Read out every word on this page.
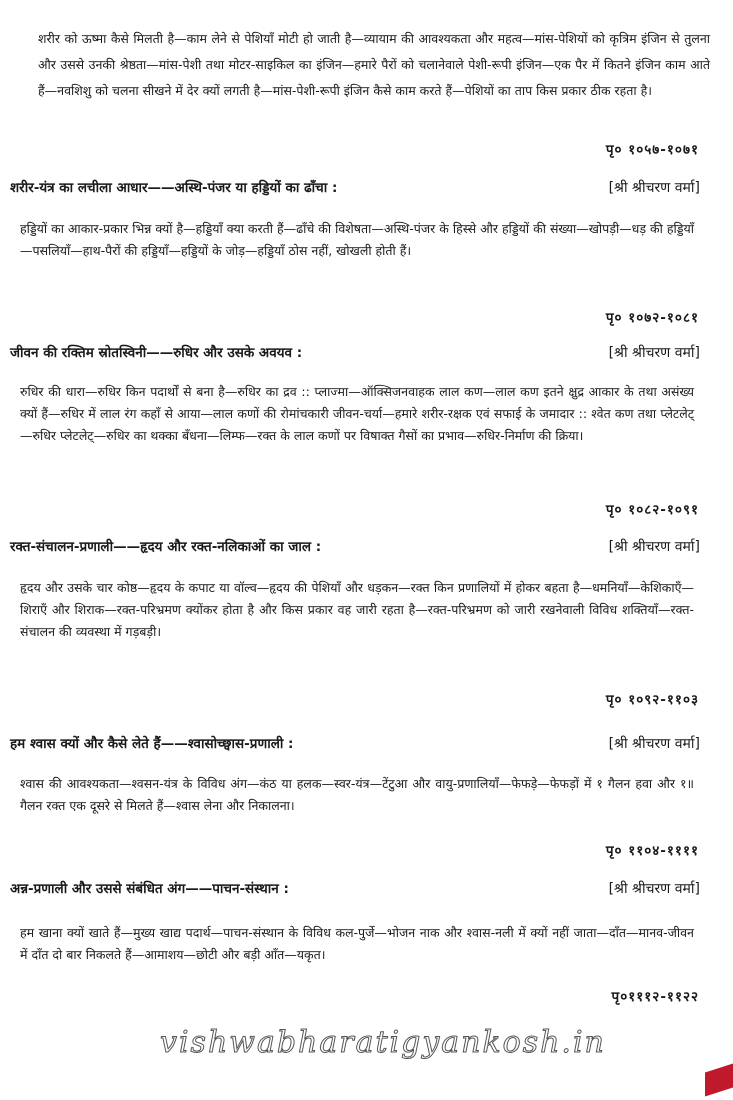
शरीर को ऊष्मा कैसे मिलती है—काम लेने से पेशियाँ मोटी हो जाती है—व्यायाम की आवश्यकता और महत्व—मांस-पेशियों को कृत्रिम इंजिन से तुलना और उससे उनकी श्रेष्ठता—मांस-पेशी तथा मोटर-साइकिल का इंजिन—हमारे पैरों को चलानेवाले पेशी-रूपी इंजिन—एक पैर में कितने इंजिन काम आते हैं—नवशिशु को चलना सीखने में देर क्यों लगती है—मांस-पेशी-रूपी इंजिन कैसे काम करते हैं—पेशियों का ताप किस प्रकार ठीक रहता है।
पृ० १०५७-१०७१
शरीर-यंत्र का लचीला आधार——अस्थि-पंजर या हड्डियों का ढाँचा :	[श्री श्रीचरण वर्मा]
हड्डियों का आकार-प्रकार भिन्न क्यों है—हड्डियाँ क्या करती हैं—ढाँचे की विशेषता—अस्थि-पंजर के हिस्से और हड्डियों की संख्या—खोपड़ी—धड़ की हड्डियाँ—पसलियाँ—हाथ-पैरों की हड्डियाँ—हड्डियों के जोड़—हड्डियाँ ठोस नहीं, खोखली होती हैं।
पृ० १०७२-१०८१
जीवन की रक्तिम स्रोतस्विनी——रुधिर और उसके अवयव :	[श्री श्रीचरण वर्मा]
रुधिर की धारा—रुधिर किन पदार्थों से बना है—रुधिर का द्रव :: प्लाज्मा—ऑक्सिजनवाहक लाल कण—लाल कण इतने क्षुद्र आकार के तथा असंख्य क्यों हैं—रुधिर में लाल रंग कहाँ से आया—लाल कणों की रोमांचकारी जीवन-चर्या—हमारे शरीर-रक्षक एवं सफाई के जमादार :: श्वेत कण तथा प्लेटलेट्—रुधिर प्लेटलेट्—रुधिर का थक्का बँधना—लिम्फ—रक्त के लाल कणों पर विषाक्त गैसों का प्रभाव—रुधिर-निर्माण की क्रिया।
पृ० १०८२-१०९१
रक्त-संचालन-प्रणाली——हृदय और रक्त-नलिकाओं का जाल :	[श्री श्रीचरण वर्मा]
हृदय और उसके चार कोष्ठ—हृदय के कपाट या वॉल्व—हृदय की पेशियाँ और धड़कन—रक्त किन प्रणालियों में होकर बहता है—धमनियाँ—केशिकाएँ—शिराएँ और शिराक—रक्त-परिभ्रमण क्योंकर होता है और किस प्रकार वह जारी रहता है—रक्त-परिभ्रमण को जारी रखनेवाली विविध शक्तियाँ—रक्त-संचालन की व्यवस्था में गड़बड़ी।
पृ० १०९२-११०३
हम श्वास क्यों और कैसे लेते हैं——श्वासोच्छ्वास-प्रणाली :	[श्री श्रीचरण वर्मा]
श्वास की आवश्यकता—श्वसन-यंत्र के विविध अंग—कंठ या हलक—स्वर-यंत्र—टेंटुआ और वायु-प्रणालियाँ—फेफड़े—फेफड़ों में १ गैलन हवा और १॥ गैलन रक्त एक दूसरे से मिलते हैं—श्वास लेना और निकालना।
पृ० ११०४-११११
अन्न-प्रणाली और उससे संबंधित अंग——पाचन-संस्थान :	[श्री श्रीचरण वर्मा]
हम खाना क्यों खाते हैं—मुख्य खाद्य पदार्थ—पाचन-संस्थान के विविध कल-पुर्जे—भोजन नाक और श्वास-नली में क्यों नहीं जाता—दाँत—मानव-जीवन में दाँत दो बार निकलते हैं—आमाशय—छोटी और बड़ी आँत—यकृत।
पृ०१११२-११२२
vishwabharatigyankosh.in
